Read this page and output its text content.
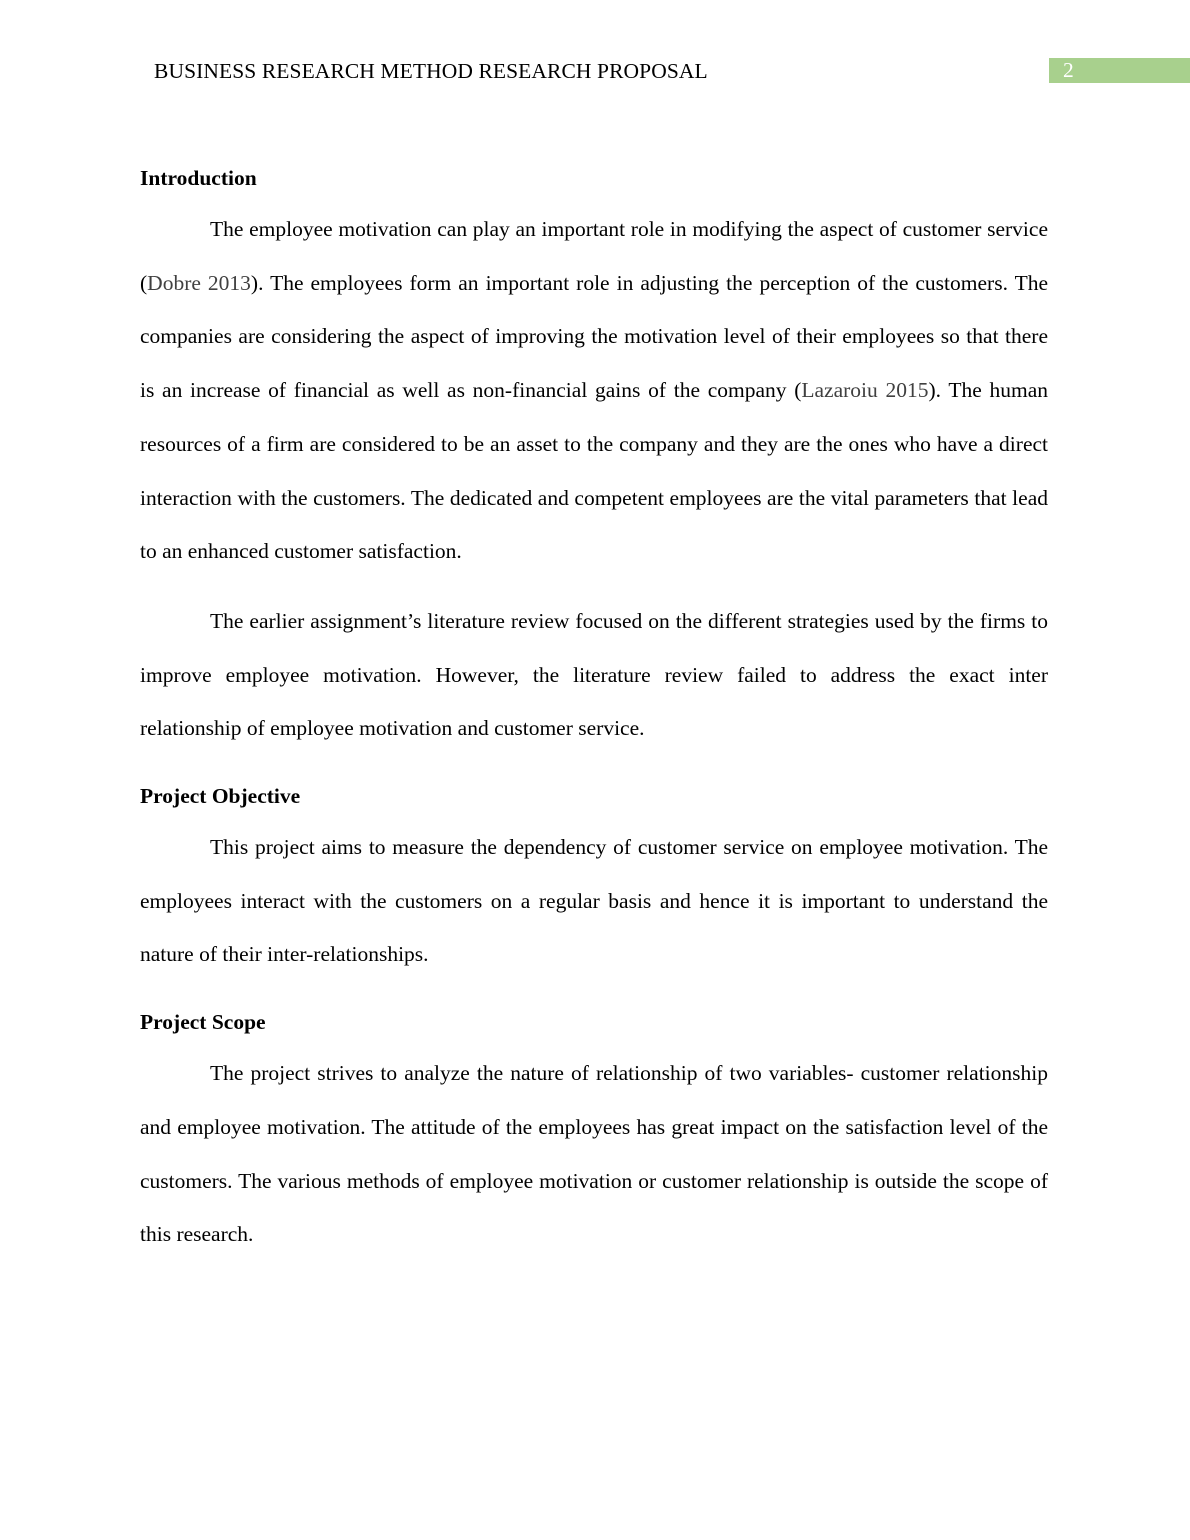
BUSINESS RESEARCH METHOD RESEARCH PROPOSAL	2
Introduction

The employee motivation can play an important role in modifying the aspect of customer service (Dobre 2013). The employees form an important role in adjusting the perception of the customers. The companies are considering the aspect of improving the motivation level of their employees so that there is an increase of financial as well as non-financial gains of the company (Lazaroiu 2015). The human resources of a firm are considered to be an asset to the company and they are the ones who have a direct interaction with the customers. The dedicated and competent employees are the vital parameters that lead to an enhanced customer satisfaction.

The earlier assignment’s literature review focused on the different strategies used by the firms to improve employee motivation. However, the literature review failed to address the exact inter relationship of employee motivation and customer service.

Project Objective

This project aims to measure the dependency of customer service on employee motivation. The employees interact with the customers on a regular basis and hence it is important to understand the nature of their inter-relationships.

Project Scope

The project strives to analyze the nature of relationship of two variables- customer relationship and employee motivation. The attitude of the employees has great impact on the satisfaction level of the customers. The various methods of employee motivation or customer relationship is outside the scope of this research.
